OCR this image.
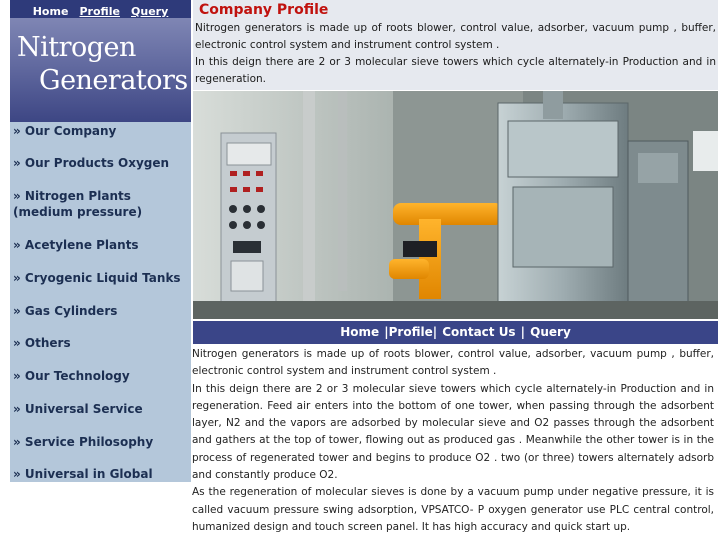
Home Profile Query
Nitrogen
Generators
» Our Company
» Our Products Oxygen
» Nitrogen Plants (medium pressure)
» Acetylene Plants
» Cryogenic Liquid Tanks
» Gas Cylinders
» Others
» Our Technology
» Universal Service
» Service Philosophy
» Universal in Global
Company Profile

Nitrogen generators is made up of roots blower, control value, adsorber, vacuum pump , buffer, electronic control system and instrument control system .
In this deign there are 2 or 3 molecular sieve towers which cycle alternately-in Production and in regeneration.

Home |Profile| Contact Us | Query

Nitrogen generators is made up of roots blower, control value, adsorber, vacuum pump , buffer, electronic control system and instrument control system .

In this deign there are 2 or 3 molecular sieve towers which cycle alternately-in Production and in regeneration. Feed air enters into the bottom of one tower, when passing through the adsorbent layer, N2 and the vapors are adsorbed by molecular sieve and O2 passes through the adsorbent and gathers at the top of tower, flowing out as produced gas . Meanwhile the other tower is in the process of regenerated tower and begins to produce O2 . two (or three) towers alternately adsorb and constantly produce O2.

As the regeneration of molecular sieves is done by a vacuum pump under negative pressure, it is called vacuum pressure swing adsorption, VPSATCO- P oxygen generator use PLC central control, humanized design and touch screen panel. It has high accuracy and quick start up.
